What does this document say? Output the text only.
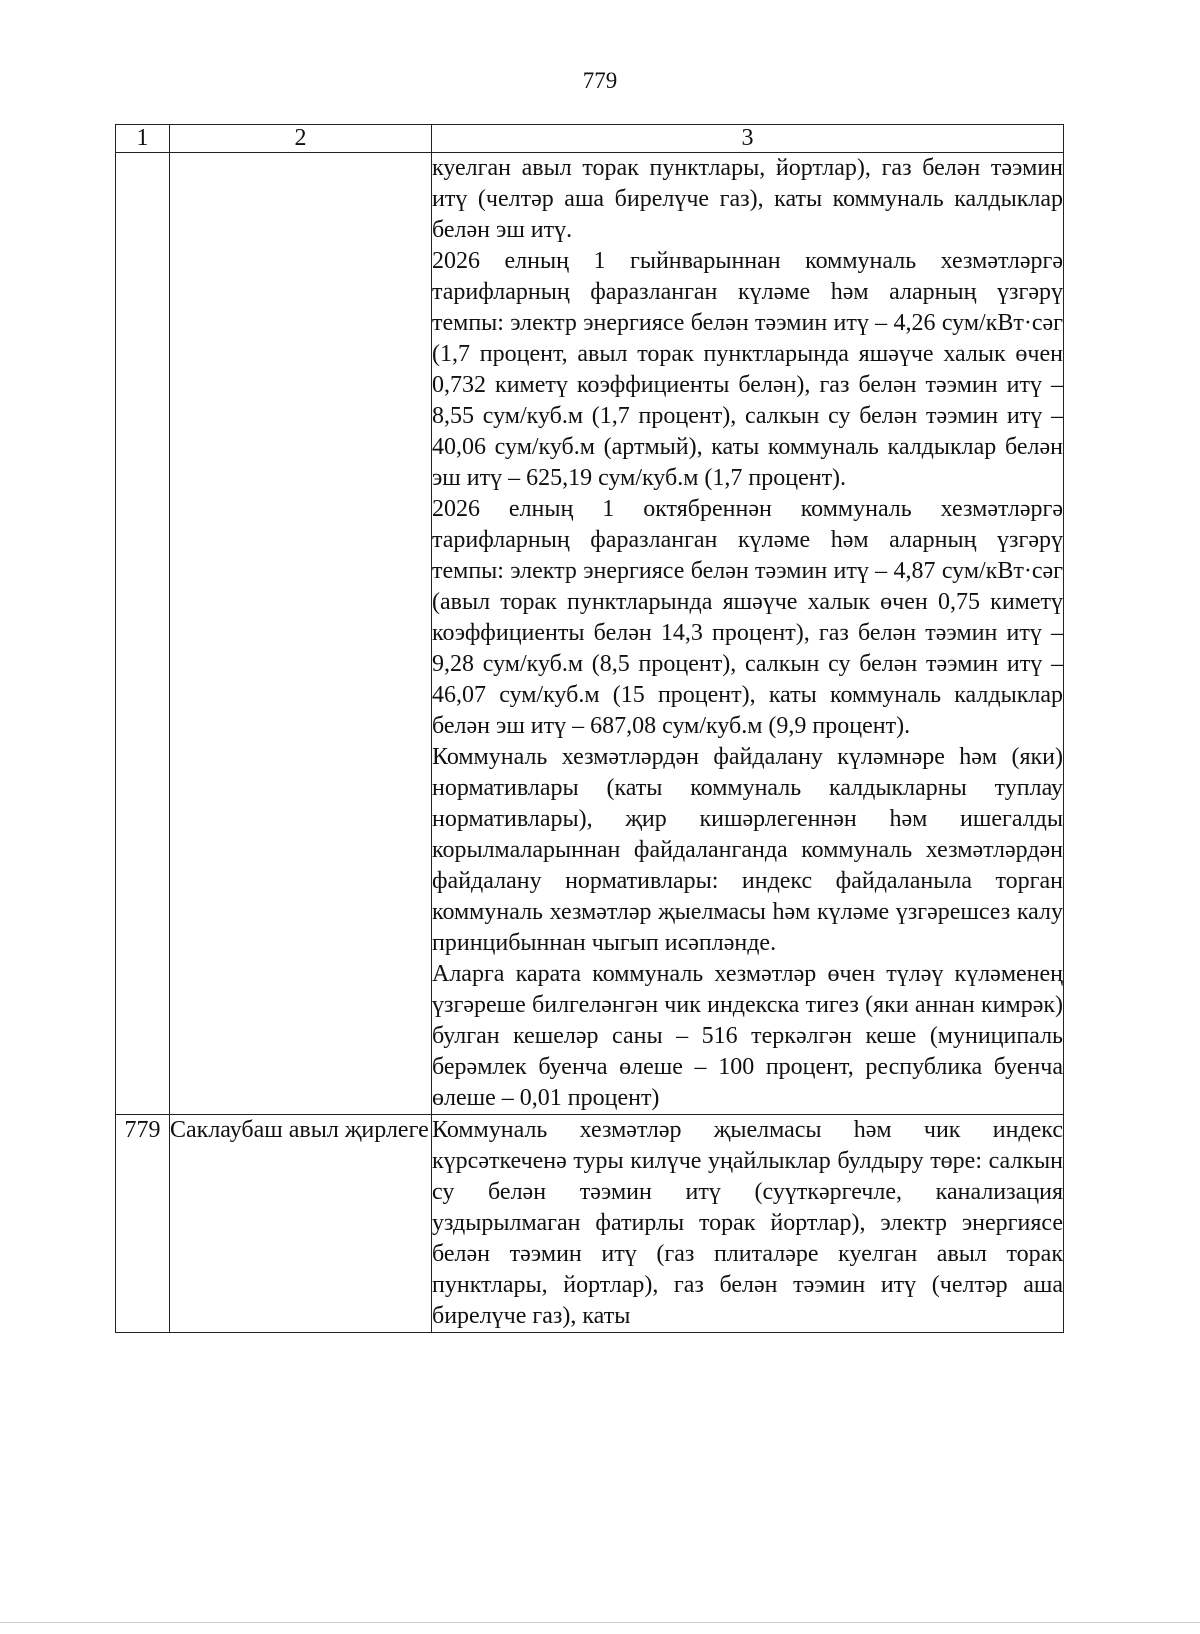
779
1	2	3

		куелган авыл торак пунктлары, йортлар), газ белән тәэмин итү (челтәр аша бирелүче газ), каты коммуналь калдыклар белән эш итү.

2026 елның 1 гыйнварыннан коммуналь хезмәтләргә тарифларның фаразланган күләме һәм аларның үзгәрү темпы: электр энергиясе белән тәэмин итү – 4,26 сум/кВт·сәг (1,7 процент, авыл торак пунктларында яшәүче халык өчен 0,732 киметү коэффициенты белән), газ белән тәэмин итү – 8,55 сум/куб.м (1,7 процент), салкын су белән тәэмин итү – 40,06 сум/куб.м (артмый), каты коммуналь калдыклар белән эш итү – 625,19 сум/куб.м (1,7 процент).

2026 елның 1 октябреннән коммуналь хезмәтләргә тарифларның фаразланган күләме һәм аларның үзгәрү темпы: электр энергиясе белән тәэмин итү – 4,87 сум/кВт·сәг (авыл торак пунктларында яшәүче халык өчен 0,75 киметү коэффициенты белән 14,3 процент), газ белән тәэмин итү – 9,28 сум/куб.м (8,5 процент), салкын су белән тәэмин итү – 46,07 сум/куб.м (15 процент), каты коммуналь калдыклар белән эш итү – 687,08 сум/куб.м (9,9 процент).

Коммуналь хезмәтләрдән файдалану күләмнәре һәм (яки) нормативлары (каты коммуналь калдыкларны туплау нормативлары), җир кишәрлегеннән һәм ишегалды корылмаларыннан файдаланганда коммуналь хезмәтләрдән файдалану нормативлары: индекс файдаланыла торган коммуналь хезмәтләр җыелмасы һәм күләме үзгәрешсез калу принцибыннан чыгып исәпләнде.

Аларга карата коммуналь хезмәтләр өчен түләү күләменең үзгәреше билгеләнгән чик индекска тигез (яки аннан кимрәк) булган кешеләр саны – 516 теркәлгән кеше (муниципаль берәмлек буенча өлеше – 100 процент, республика буенча өлеше – 0,01 процент)

779	Саклаубаш авыл җирлеге	Коммуналь хезмәтләр җыелмасы һәм чик индекс күрсәткеченә туры килүче уңайлыклар булдыру төре: салкын су белән тәэмин итү (суүткәргечле, канализация уздырылмаган фатирлы торак йортлар), электр энергиясе белән тәэмин итү (газ плиталәре куелган авыл торак пунктлары, йортлар), газ белән тәэмин итү (челтәр аша бирелүче газ), каты
